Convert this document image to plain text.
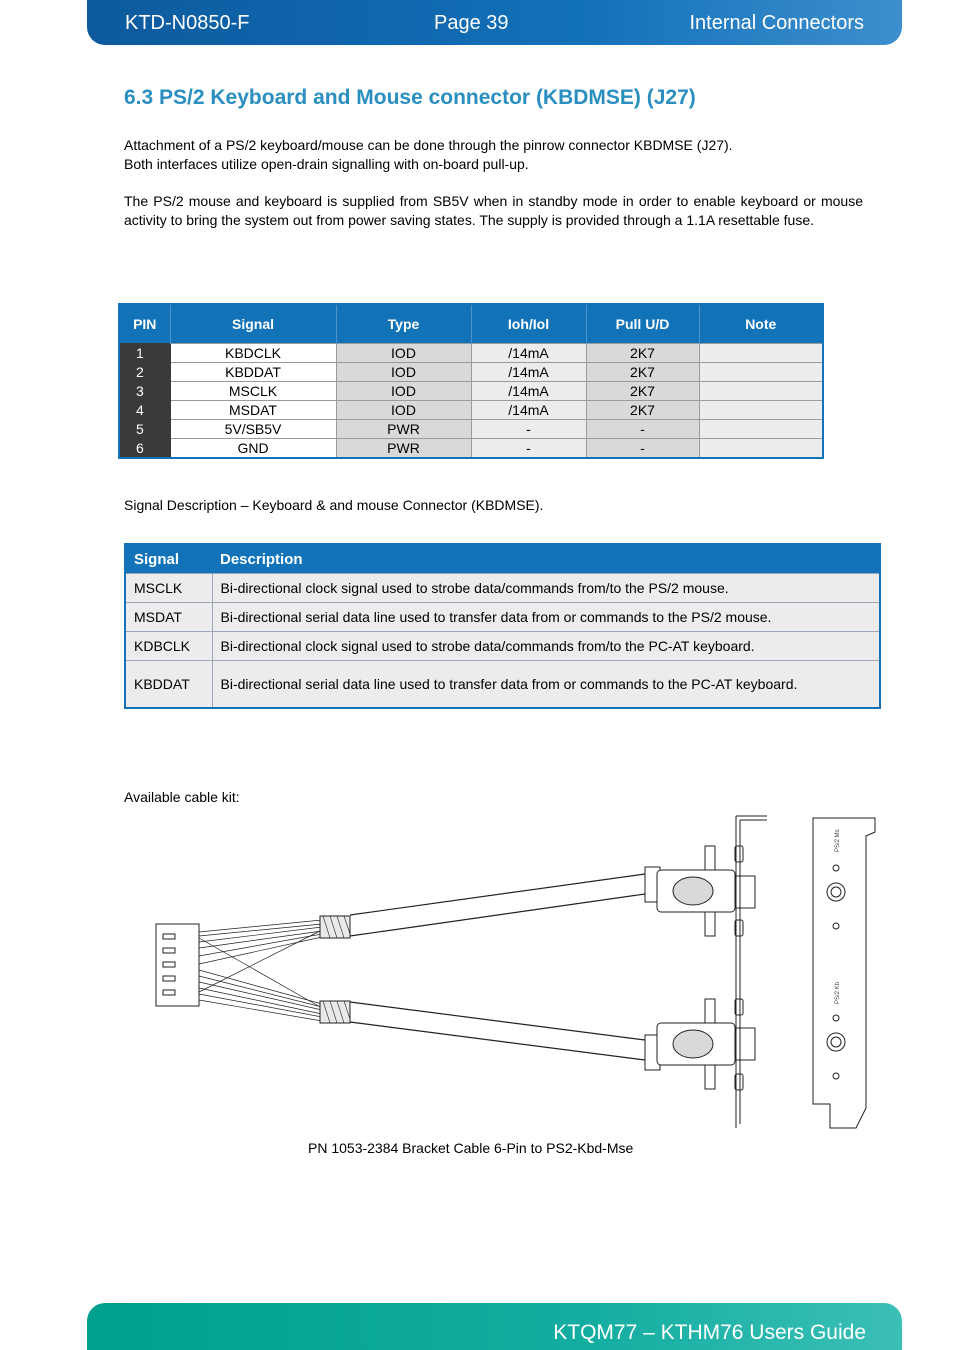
KTD-N0850-F	Page 39	Internal Connectors
6.3 PS/2 Keyboard and Mouse connector (KBDMSE) (J27)

Attachment of a PS/2 keyboard/mouse can be done through the pinrow connector KBDMSE (J27).
Both interfaces utilize open-drain signalling with on-board pull-up.

The PS/2 mouse and keyboard is supplied from SB5V when in standby mode in order to enable keyboard or mouse activity to bring the system out from power saving states. The supply is provided through a 1.1A resettable fuse.

PIN	Signal	Type	Ioh/Iol	Pull U/D	Note
1	KBDCLK	IOD	/14mA	2K7	
2	KBDDAT	IOD	/14mA	2K7	
3	MSCLK	IOD	/14mA	2K7	
4	MSDAT	IOD	/14mA	2K7	
5	5V/SB5V	PWR	-	-	
6	GND	PWR	-	-	

Signal Description – Keyboard & and mouse Connector (KBDMSE).

Signal	Description
MSCLK	Bi-directional clock signal used to strobe data/commands from/to the PS/2 mouse.
MSDAT	Bi-directional serial data line used to transfer data from or commands to the PS/2 mouse.
KDBCLK	Bi-directional clock signal used to strobe data/commands from/to the PC-AT keyboard.
KBDDAT	Bi-directional serial data line used to transfer data from or commands to the PC-AT keyboard.

Available cable kit:

PS/2 Ms
PS/2 Kb

PN 1053-2384 Bracket Cable 6-Pin to PS2-Kbd-Mse

KTQM77 – KTHM76 Users Guide
